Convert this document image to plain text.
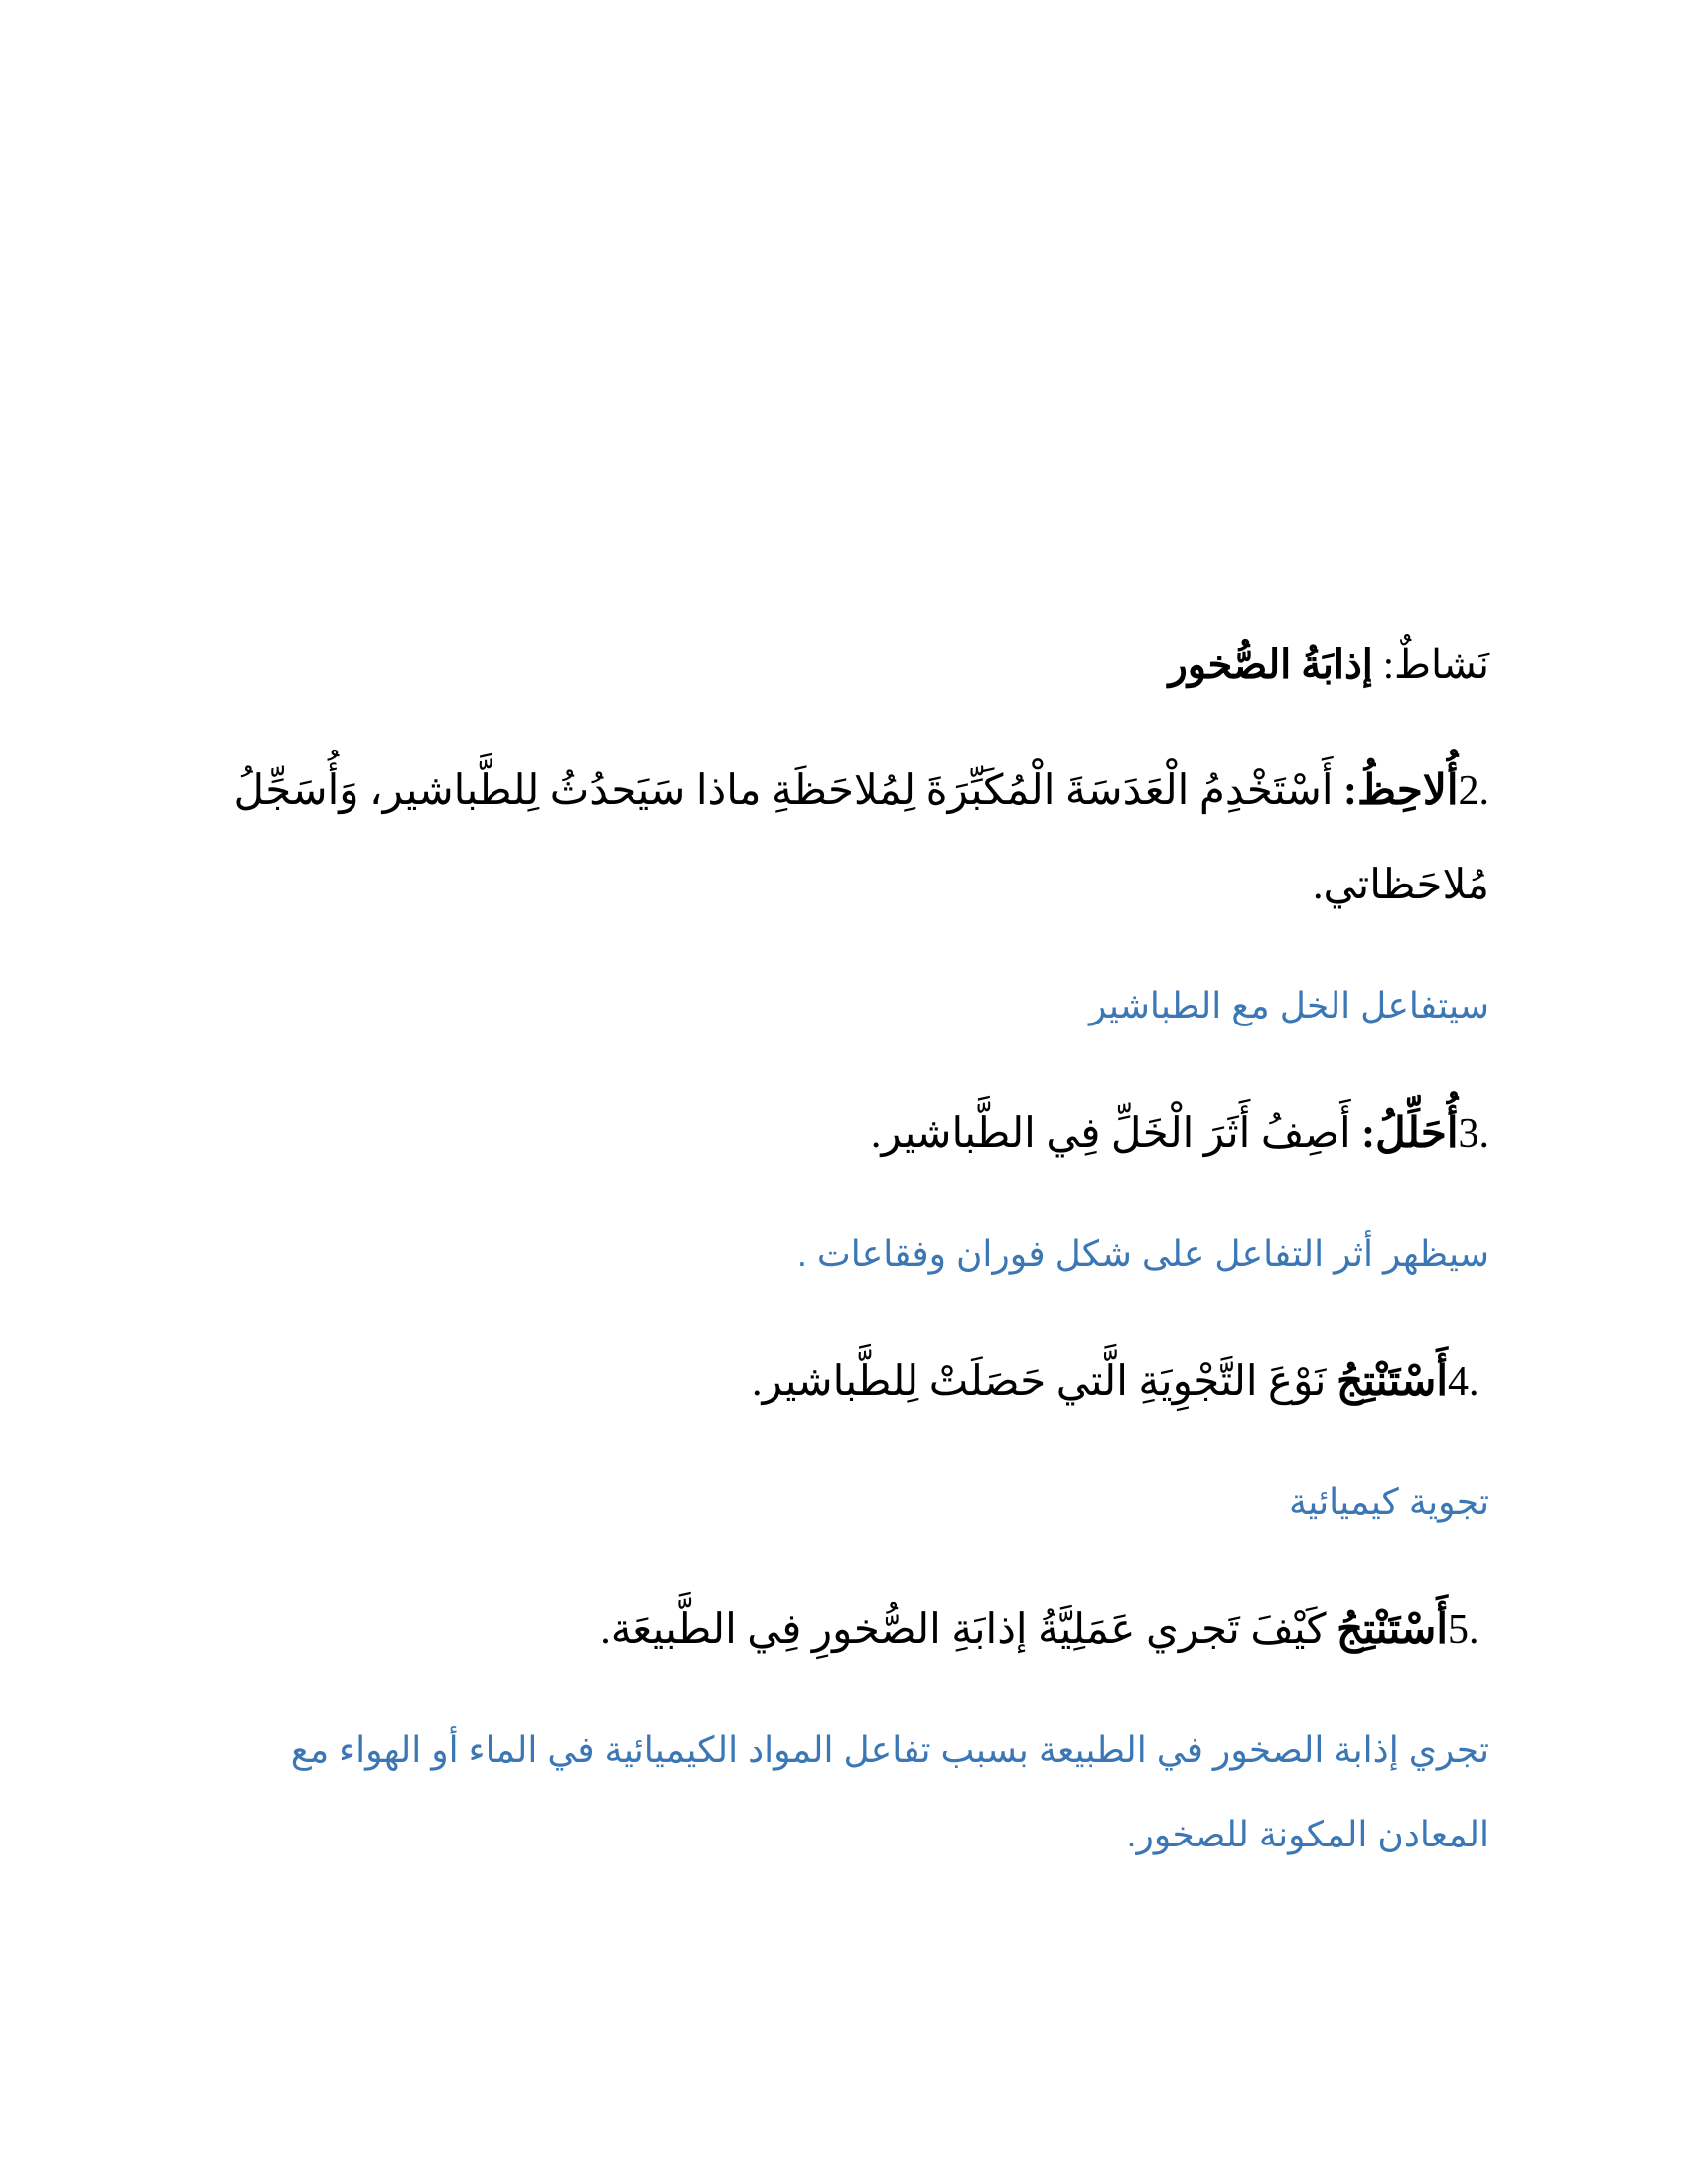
نَشاطٌ: إذابَةُ الصُّخور

2.أُلاحِظُ: أَسْتَخْدِمُ الْعَدَسَةَ الْمُكَبِّرَةَ لِمُلاحَظَةِ ماذا سَيَحدُثُ لِلطَّباشير، وَأُسَجِّلُ مُلاحَظاتي.

سيتفاعل الخل مع الطباشير

3.أُحَلِّلُ: أَصِفُ أَثَرَ الْخَلِّ فِي الطَّباشير.

سيظهر أثر التفاعل على شكل فوران وفقاعات .

4. أَسْتَنْتِجُ نَوْعَ التَّجْوِيَةِ الَّتي حَصَلَتْ لِلطَّباشير.

تجوية كيميائية

5. أَسْتَنْتِجُ كَيْفَ تَجري عَمَلِيَّةُ إذابَةِ الصُّخورِ فِي الطَّبيعَة.

تجري إذابة الصخور في الطبيعة بسبب تفاعل المواد الكيميائية في الماء أو الهواء مع المعادن المكونة للصخور.
